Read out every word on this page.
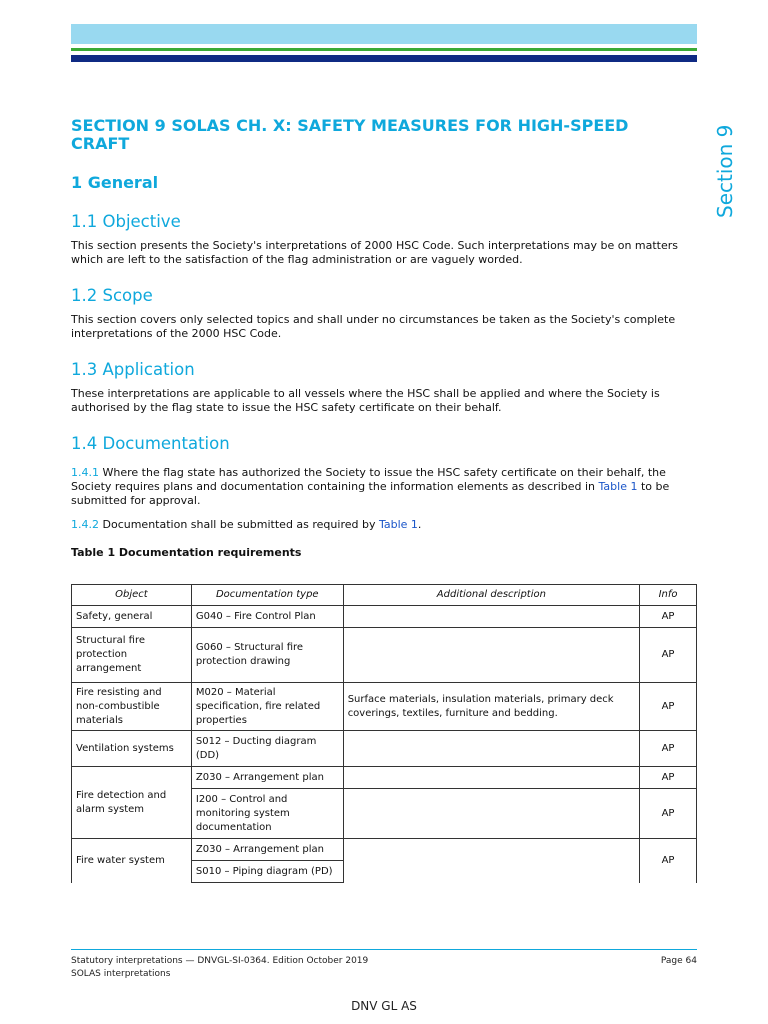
Section 9
SECTION 9 SOLAS CH. X: SAFETY MEASURES FOR HIGH-SPEED CRAFT
1 General
1.1 Objective

This section presents the Society's interpretations of 2000 HSC Code. Such interpretations may be on matters which are left to the satisfaction of the flag administration or are vaguely worded.

1.2 Scope

This section covers only selected topics and shall under no circumstances be taken as the Society's complete interpretations of the 2000 HSC Code.

1.3 Application

These interpretations are applicable to all vessels where the HSC shall be applied and where the Society is authorised by the flag state to issue the HSC safety certificate on their behalf.

1.4 Documentation

1.4.1 Where the flag state has authorized the Society to issue the HSC safety certificate on their behalf, the Society requires plans and documentation containing the information elements as described in Table 1 to be submitted for approval.

1.4.2 Documentation shall be submitted as required by Table 1.

Table 1 Documentation requirements

Object	Documentation type	Additional description	Info
Safety, general	G040 – Fire Control Plan		AP
Structural fire protection arrangement	G060 – Structural fire protection drawing		AP
Fire resisting and non-combustible materials	M020 – Material specification, fire related properties	Surface materials, insulation materials, primary deck coverings, textiles, furniture and bedding.	AP
Ventilation systems	S012 – Ducting diagram (DD)		AP
Fire detection and alarm system	Z030 – Arrangement plan		AP
	I200 – Control and monitoring system documentation		AP
Fire water system	Z030 – Arrangement plan		AP
	S010 – Piping diagram (PD)		
Statutory interpretations — DNVGL-SI-0364. Edition October 2019
SOLAS interpretations
Page 64
DNV GL AS
